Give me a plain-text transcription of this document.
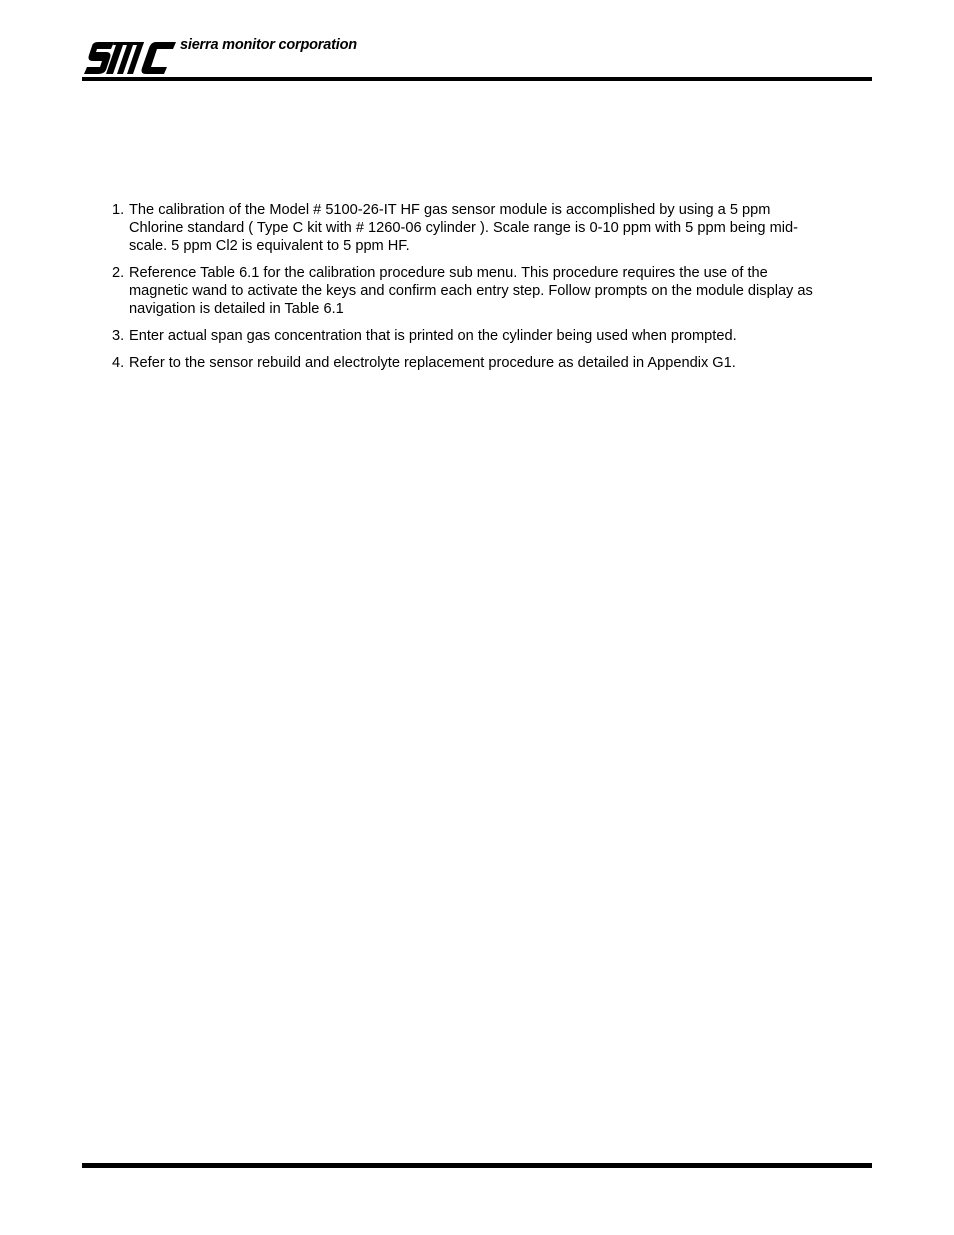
sierra monitor corporation
1. The calibration of the Model # 5100-26-IT HF gas sensor module is accomplished by using a 5 ppm
Chlorine standard ( Type C kit with # 1260-06 cylinder ). Scale range is 0-10 ppm with 5 ppm being mid-
scale. 5 ppm Cl2 is equivalent to 5 ppm HF.
2. Reference Table 6.1 for the calibration procedure sub menu. This procedure requires the use of the
magnetic wand to activate the keys and confirm each entry step. Follow prompts on the module display as
navigation is detailed in Table 6.1
3. Enter actual span gas concentration that is printed on the cylinder being used when prompted.
4. Refer to the sensor rebuild and electrolyte replacement procedure as detailed in Appendix G1.
